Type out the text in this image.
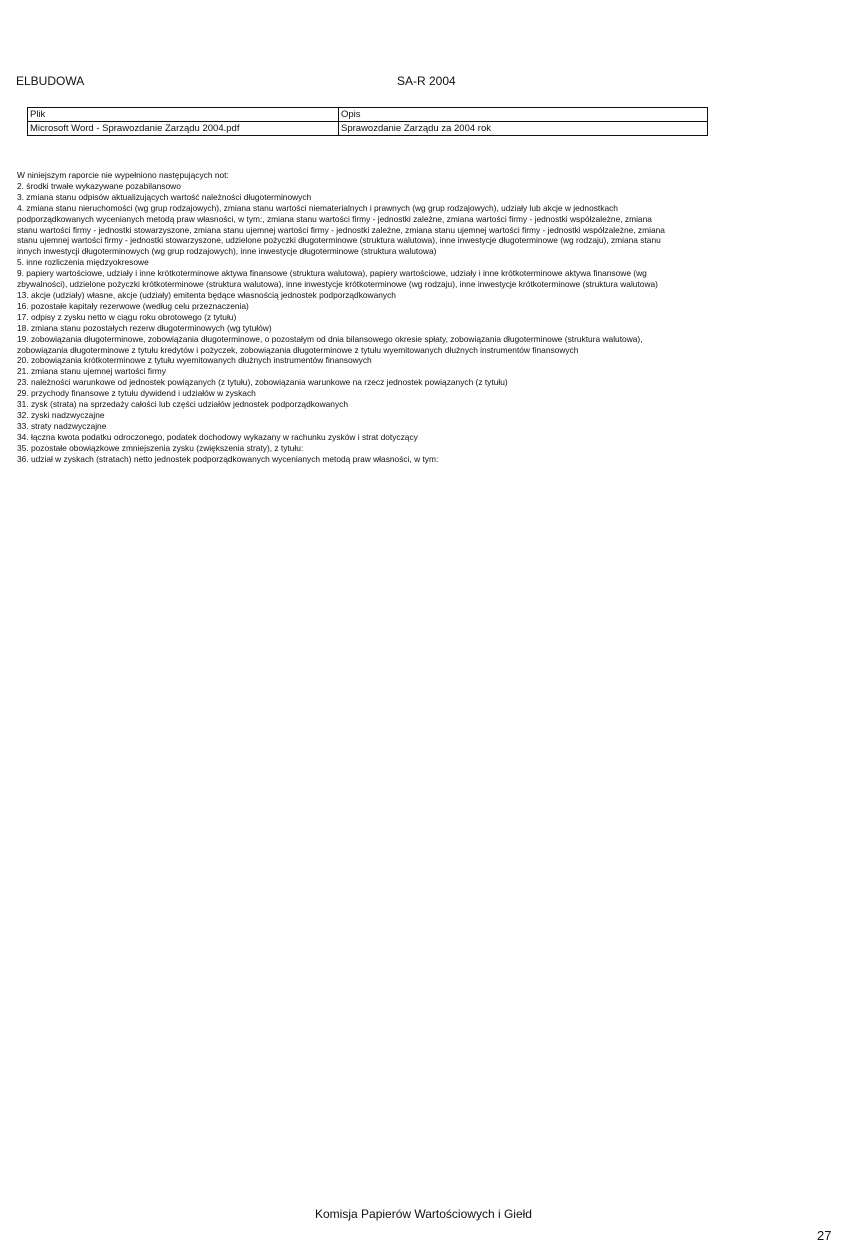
ELBUDOWA	SA-R 2004
Plik	Opis
Microsoft Word - Sprawozdanie Zarządu 2004.pdf	Sprawozdanie Zarządu za 2004 rok
W niniejszym raporcie nie wypełniono następujących not:
2. środki trwałe wykazywane pozabilansowo
3. zmiana stanu odpisów aktualizujących wartość należności długoterminowych
4. zmiana stanu nieruchomości (wg grup rodzajowych), zmiana stanu wartości niematerialnych i prawnych (wg grup rodzajowych), udziały lub akcje w jednostkach
podporządkowanych wycenianych metodą praw własności, w tym:, zmiana stanu wartości firmy - jednostki zależne, zmiana wartości firmy - jednostki współzależne, zmiana
stanu wartości firmy - jednostki stowarzyszone, zmiana stanu ujemnej wartości firmy - jednostki zależne, zmiana stanu ujemnej wartości firmy - jednostki współzależne, zmiana
stanu ujemnej wartości firmy - jednostki stowarzyszone, udzielone pożyczki długoterminowe (struktura walutowa), inne inwestycje długoterminowe (wg rodzaju), zmiana stanu
innych inwestycji długoterminowych (wg grup rodzajowych), inne inwestycje długoterminowe (struktura walutowa)
5. inne rozliczenia międzyokresowe
9. papiery wartościowe, udziały i inne krótkoterminowe aktywa finansowe (struktura walutowa), papiery wartościowe, udziały i inne krótkoterminowe aktywa finansowe (wg
zbywalności), udzielone pożyczki krótkoterminowe (struktura walutowa), inne inwestycje krótkoterminowe (wg rodzaju), inne inwestycje krótkoterminowe (struktura walutowa)
13. akcje (udziały) własne, akcje (udziały) emitenta będące własnością jednostek podporządkowanych
16. pozostałe kapitały rezerwowe (według celu przeznaczenia)
17. odpisy z zysku netto w ciągu roku obrotowego (z tytułu)
18. zmiana stanu pozostałych rezerw długoterminowych (wg tytułów)
19. zobowiązania długoterminowe, zobowiązania długoterminowe, o pozostałym od dnia bilansowego okresie spłaty, zobowiązania długoterminowe (struktura walutowa),
zobowiązania długoterminowe z tytułu kredytów i pożyczek, zobowiązania długoterminowe z tytułu wyemitowanych dłużnych instrumentów finansowych
20. zobowiązania krótkoterminowe z tytułu wyemitowanych dłużnych instrumentów finansowych
21. zmiana stanu ujemnej wartości firmy
23. należności warunkowe od jednostek powiązanych (z tytułu), zobowiązania warunkowe na rzecz jednostek powiązanych (z tytułu)
29. przychody finansowe z tytułu dywidend i udziałów w zyskach
31. zysk (strata) na sprzedaży całości lub części udziałów jednostek podporządkowanych
32. zyski nadzwyczajne
33. straty nadzwyczajne
34. łączna kwota podatku odroczonego, podatek dochodowy wykazany w rachunku zysków i strat dotyczący
35. pozostałe obowiązkowe zmniejszenia zysku (zwiększenia straty), z tytułu:
36. udział w zyskach (stratach) netto jednostek podporządkowanych wycenianych metodą praw własności, w tym:
Komisja Papierów Wartościowych i Giełd
27
